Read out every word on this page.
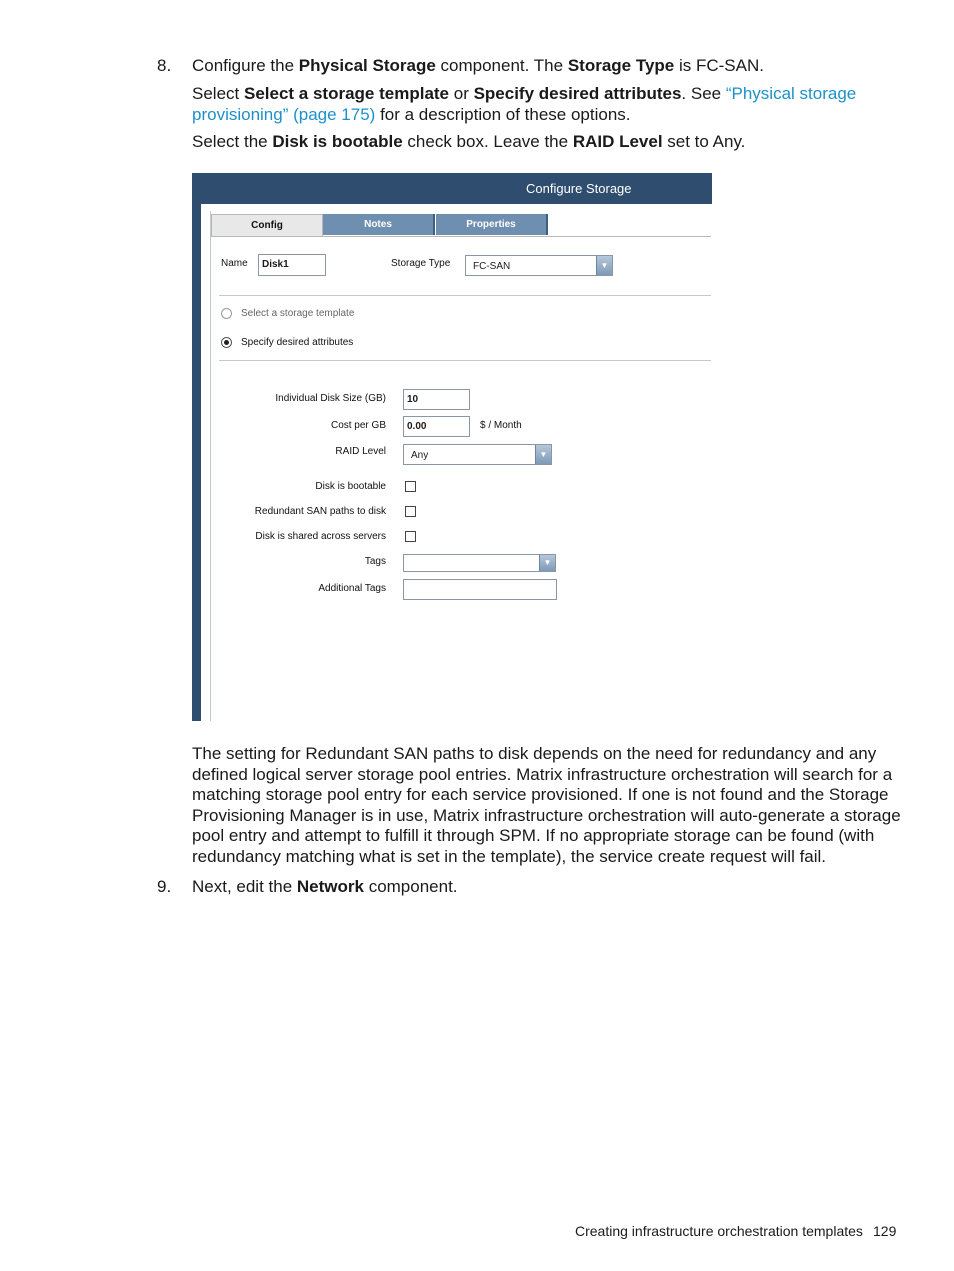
8. Configure the Physical Storage component. The Storage Type is FC-SAN.
Select Select a storage template or Specify desired attributes. See “Physical storage provisioning” (page 175) for a description of these options.
Select the Disk is bootable check box. Leave the RAID Level set to Any.
Configure Storage
Config	Notes	Properties
Name	Disk1	Storage Type	FC-SAN	▼
Select a storage template
Specify desired attributes
Individual Disk Size (GB)	10
Cost per GB	0.00	$ / Month
RAID Level	Any	▼
Disk is bootable
Redundant SAN paths to disk
Disk is shared across servers
Tags	▼
Additional Tags
The setting for Redundant SAN paths to disk depends on the need for redundancy and any defined logical server storage pool entries. Matrix infrastructure orchestration will search for a matching storage pool entry for each service provisioned. If one is not found and the Storage Provisioning Manager is in use, Matrix infrastructure orchestration will auto-generate a storage pool entry and attempt to fulfill it through SPM. If no appropriate storage can be found (with redundancy matching what is set in the template), the service create request will fail.
9. Next, edit the Network component.
Creating infrastructure orchestration templates 129
